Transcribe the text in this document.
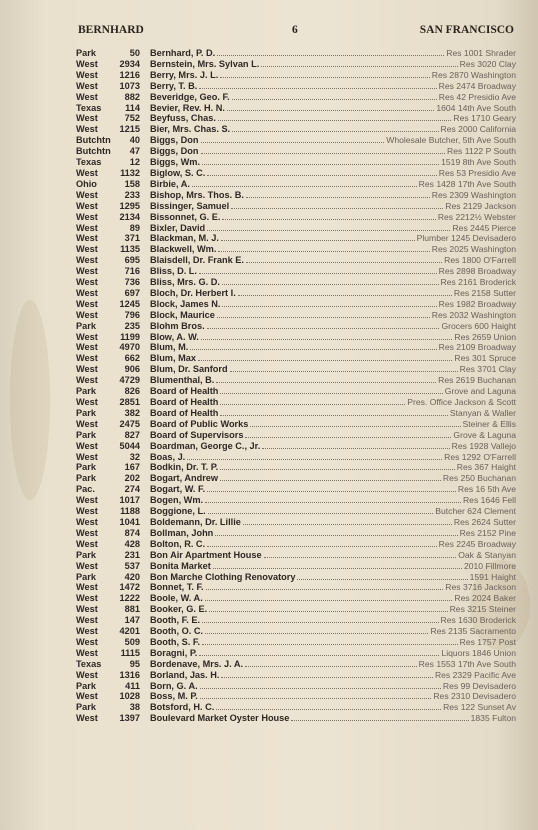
BERNHARD	6	SAN FRANCISCO
Park	50	Bernhard, P. D.	Res 1001 Shrader
West	2934	Bernstein, Mrs. Sylvan L.	Res 3020 Clay
West	1216	Berry, Mrs. J. L.	Res 2870 Washington
West	1073	Berry, T. B.	Res 2474 Broadway
West	882	Beveridge, Geo. F.	Res 42 Presidio Ave
Texas	114	Bevier, Rev. H. N.	1604 14th Ave South
West	752	Beyfuss, Chas.	Res 1710 Geary
West	1215	Bier, Mrs. Chas. S.	Res 2000 California
Butchtn	40	Biggs, Don	Wholesale Butcher, 5th Ave South
Butchtn	47	Biggs, Don	Res 1122 P South
Texas	12	Biggs, Wm.	1519 8th Ave South
West	1132	Biglow, S. C.	Res 53 Presidio Ave
Ohio	158	Birbie, A.	Res 1428 17th Ave South
West	233	Bishop, Mrs. Thos. B.	Res 2309 Washington
West	1295	Bissinger, Samuel	Res 2129 Jackson
West	2134	Bissonnet, G. E.	Res 2212½ Webster
West	89	Bixler, David	Res 2445 Pierce
West	371	Blackman, M. J.	Plumber 1245 Devisadero
West	1135	Blackwell, Wm.	Res 2025 Washington
West	695	Blaisdell, Dr. Frank E.	Res 1800 O'Farrell
West	716	Bliss, D. L.	Res 2898 Broadway
West	736	Bliss, Mrs. G. D.	Res 2161 Broderick
West	697	Bloch, Dr. Herbert I.	Res 2158 Sutter
West	1245	Block, James N.	Res 1982 Broadway
West	796	Block, Maurice	Res 2032 Washington
Park	235	Blohm Bros.	Grocers 600 Haight
West	1199	Blow, A. W.	Res 2659 Union
West	4970	Blum, M.	Res 2109 Broadway
West	662	Blum, Max	Res 301 Spruce
West	906	Blum, Dr. Sanford	Res 3701 Clay
West	4729	Blumenthal, B.	Res 2619 Buchanan
Park	826	Board of Health	Grove and Laguna
West	2851	Board of Health	Pres. Office Jackson & Scott
Park	382	Board of Health	Stanyan & Waller
West	2475	Board of Public Works	Steiner & Ellis
Park	827	Board of Supervisors	Grove & Laguna
West	5044	Boardman, George C., Jr.	Res 1928 Vallejo
West	32	Boas, J.	Res 1292 O'Farrell
Park	167	Bodkin, Dr. T. P.	Res 367 Haight
Park	202	Bogart, Andrew	Res 250 Buchanan
Pac.	274	Bogart, W. F.	Res 16 5th Ave
West	1017	Bogen, Wm.	Res 1646 Fell
West	1188	Boggione, L.	Butcher 624 Clement
West	1041	Boldemann, Dr. Lillie	Res 2624 Sutter
West	874	Bollman, John	Res 2152 Pine
West	428	Bolton, R. C.	Res 2245 Broadway
Park	231	Bon Air Apartment House	Oak & Stanyan
West	537	Bonita Market	2010 Fillmore
Park	420	Bon Marche Clothing Renovatory	1591 Haight
West	1472	Bonnet, T. F.	Res 3716 Jackson
West	1222	Boole, W. A.	Res 2024 Baker
West	881	Booker, G. E.	Res 3215 Steiner
West	147	Booth, F. E.	Res 1630 Broderick
West	4201	Booth, O. C.	Res 2135 Sacramento
West	509	Booth, S. F.	Res 1757 Post
West	1115	Boragni, P.	Liquors 1846 Union
Texas	95	Bordenave, Mrs. J. A.	Res 1553 17th Ave South
West	1316	Borland, Jas. H.	Res 2329 Pacific Ave
Park	411	Born, G. A.	Res 99 Devisadero
West	1028	Boss, M. P.	Res 2310 Devisadero
Park	38	Botsford, H. C.	Res 122 Sunset Av
West	1397	Boulevard Market Oyster House	1835 Fulton
